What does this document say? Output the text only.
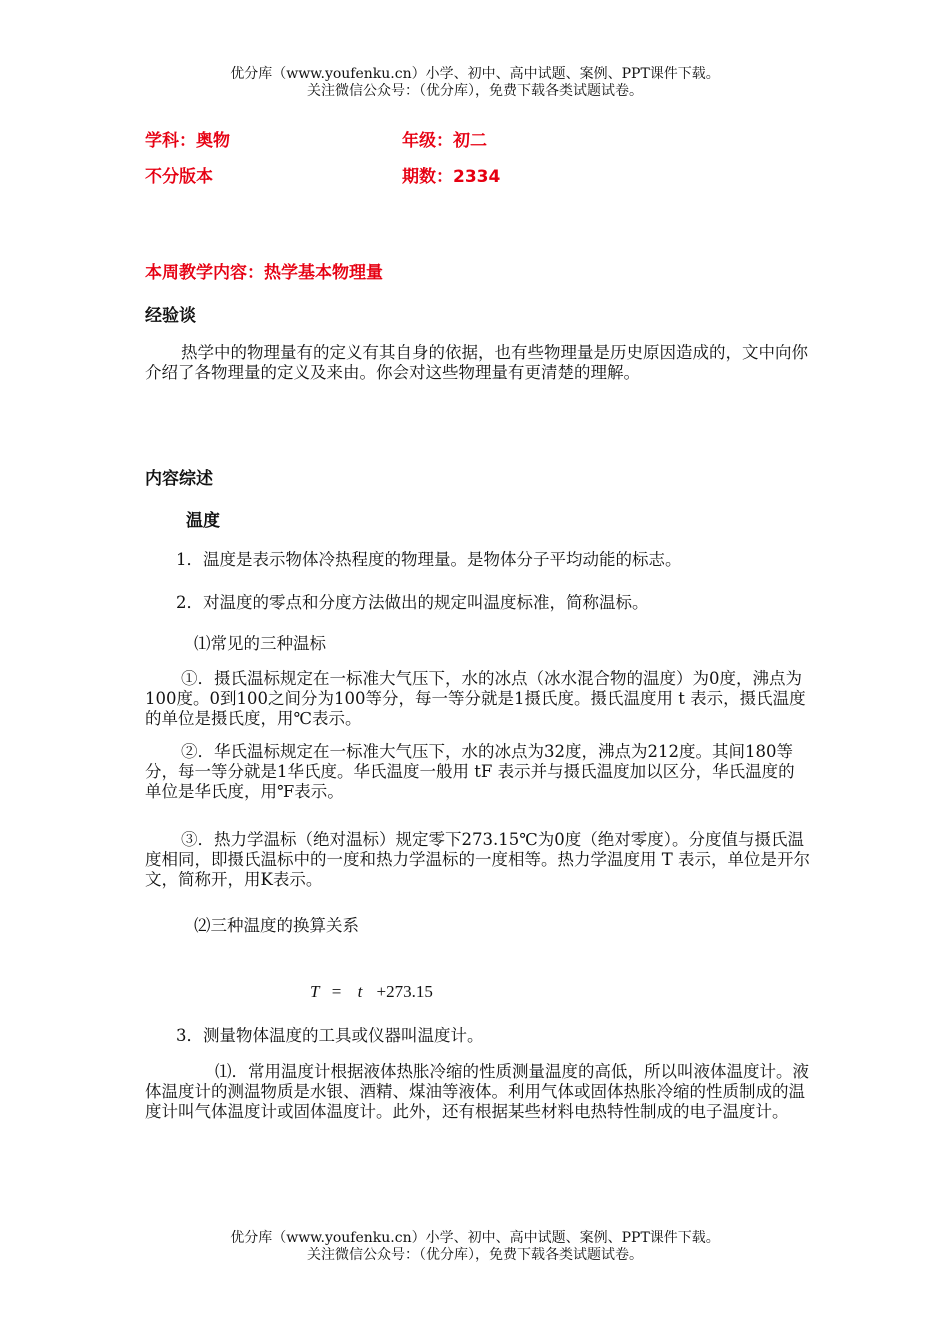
优分库（www.youfenku.cn）小学、初中、高中试题、案例、PPT课件下载。
关注微信公众号：（优分库），免费下载各类试题试卷。
学科：奥物	年级：初二
不分版本	期数：2334
本周教学内容：热学基本物理量
经验谈
热学中的物理量有的定义有其自身的依据，也有些物理量是历史原因造成的，文中向你介绍了各物理量的定义及来由。你会对这些物理量有更清楚的理解。
内容综述
温度
1．温度是表示物体冷热程度的物理量。是物体分子平均动能的标志。
2．对温度的零点和分度方法做出的规定叫温度标准，简称温标。
⑴常见的三种温标
①．摄氏温标规定在一标准大气压下，水的冰点（冰水混合物的温度）为0度，沸点为100度。0到100之间分为100等分，每一等分就是1摄氏度。摄氏温度用 t 表示，摄氏温度的单位是摄氏度，用℃表示。
②．华氏温标规定在一标准大气压下，水的冰点为32度，沸点为212度。其间180等分，每一等分就是1华氏度。华氏温度一般用 tF 表示并与摄氏温度加以区分，华氏温度的单位是华氏度，用℉表示。
③．热力学温标（绝对温标）规定零下273.15℃为0度（绝对零度）。分度值与摄氏温度相同，即摄氏温标中的一度和热力学温标的一度相等。热力学温度用 T 表示，单位是开尔文，简称开，用K表示。
⑵三种温度的换算关系
T = t +273.15
3．测量物体温度的工具或仪器叫温度计。
⑴．常用温度计根据液体热胀冷缩的性质测量温度的高低，所以叫液体温度计。液体温度计的测温物质是水银、酒精、煤油等液体。利用气体或固体热胀冷缩的性质制成的温度计叫气体温度计或固体温度计。此外，还有根据某些材料电热特性制成的电子温度计。
优分库（www.youfenku.cn）小学、初中、高中试题、案例、PPT课件下载。
关注微信公众号：（优分库），免费下载各类试题试卷。
